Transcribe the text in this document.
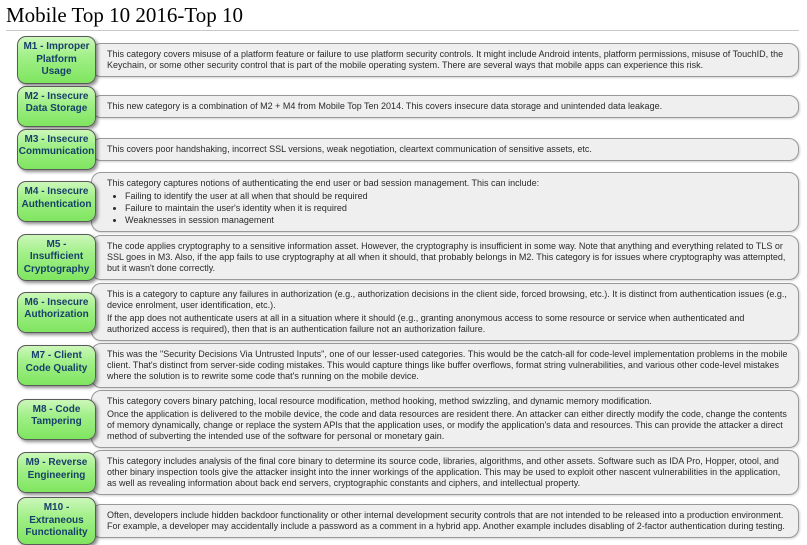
Mobile Top 10 2016-Top 10
M1 - Improper Platform Usage

This category covers misuse of a platform feature or failure to use platform security controls. It might include Android intents, platform permissions, misuse of TouchID, the Keychain, or some other security control that is part of the mobile operating system. There are several ways that mobile apps can experience this risk.

M2 - Insecure Data Storage	This new category is a combination of M2 + M4 from Mobile Top Ten 2014. This covers insecure data storage and unintended data leakage.

M3 - Insecure Communication This covers poor handshaking, incorrect SSL versions, weak negotiation, cleartext communication of sensitive assets, etc.

M4 - Insecure Authentication

This category captures notions of authenticating the end user or bad session management. This can include:

• Failing to identify the user at all when that should be required
• Failure to maintain the user's identity when it is required
• Weaknesses in session management
M5 - Insufficient Cryptography

The code applies cryptography to a sensitive information asset. However, the cryptography is insufficient in some way. Note that anything and everything related to TLS or SSL goes in M3. Also, if the app fails to use cryptography at all when it should, that probably belongs in M2. This category is for issues where cryptography was attempted, but it wasn't done correctly.

M6 - Insecure Authorization

This is a category to capture any failures in authorization (e.g., authorization decisions in the client side, forced browsing, etc.). It is distinct from authentication issues (e.g., device enrolment, user identification, etc.).

If the app does not authenticate users at all in a situation where it should (e.g., granting anonymous access to some resource or service when authenticated and authorized access is required), then that is an authentication failure not an authorization failure.

M7 - Client Code Quality

This was the "Security Decisions Via Untrusted Inputs", one of our lesser-used categories. This would be the catch-all for code-level implementation problems in the mobile client. That's distinct from server-side coding mistakes. This would capture things like buffer overflows, format string vulnerabilities, and various other code-level mistakes where the solution is to rewrite some code that's running on the mobile device.

M8 - Code Tampering

This category covers binary patching, local resource modification, method hooking, method swizzling, and dynamic memory modification.

Once the application is delivered to the mobile device, the code and data resources are resident there. An attacker can either directly modify the code, change the contents of memory dynamically, change or replace the system APIs that the application uses, or modify the application's data and resources. This can provide the attacker a direct method of subverting the intended use of the software for personal or monetary gain.

M9 - Reverse Engineering

This category includes analysis of the final core binary to determine its source code, libraries, algorithms, and other assets. Software such as IDA Pro, Hopper, otool, and other binary inspection tools give the attacker insight into the inner workings of the application. This may be used to exploit other nascent vulnerabilities in the application, as well as revealing information about back end servers, cryptographic constants and ciphers, and intellectual property.

M10 - Extraneous Functionality

Often, developers include hidden backdoor functionality or other internal development security controls that are not intended to be released into a production environment. For example, a developer may accidentally include a password as a comment in a hybrid app. Another example includes disabling of 2-factor authentication during testing.
